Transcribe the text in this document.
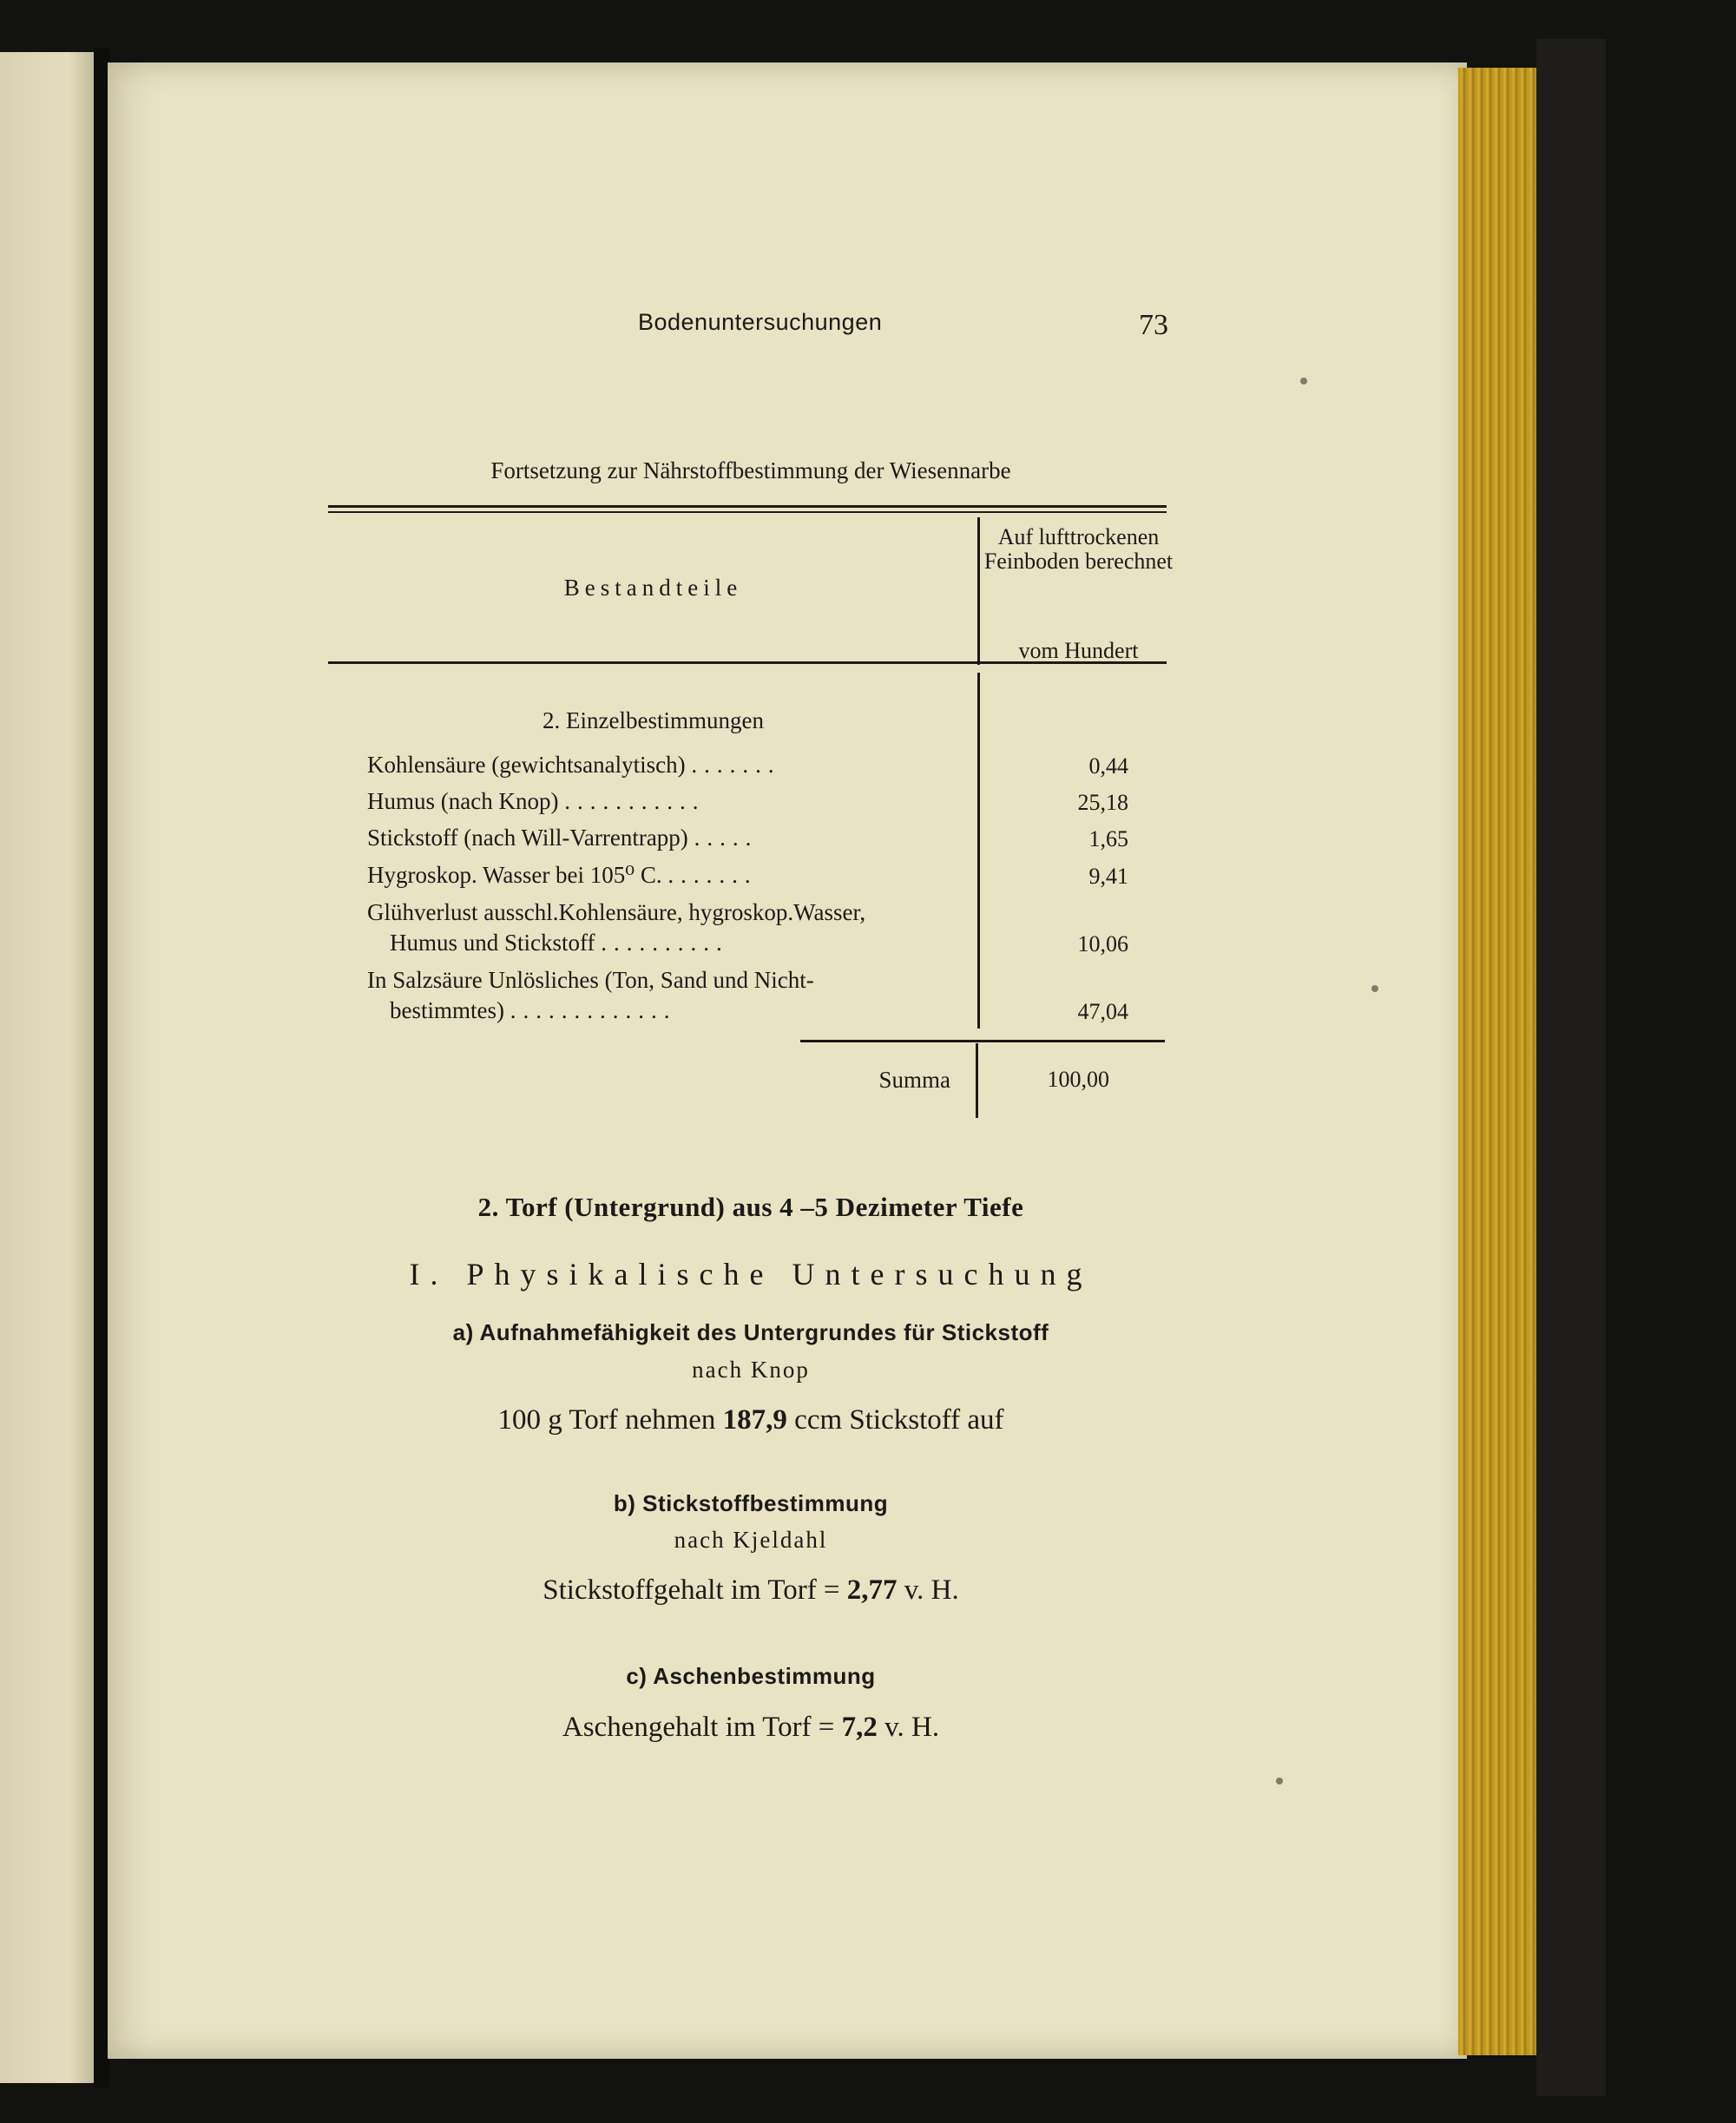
Bodenuntersuchungen	73
Fortsetzung zur Nährstoffbestimmung der Wiesennarbe
Bestandteile
Auf lufttrockenen Feinboden berechnet
vom Hundert
2. Einzelbestimmungen
Kohlensäure (gewichtsanalytisch) .......	0,44
Humus (nach Knop) ...........	25,18
Stickstoff (nach Will-Varrentrapp) .....	1,65
Hygroskop. Wasser bei 105⁰ C. .......	9,41
Glühverlust ausschl.Kohlensäure, hygroskop.Wasser,
Humus und Stickstoff ..........	10,06
In Salzsäure Unlösliches (Ton, Sand und Nicht-
bestimmtes) .............	47,04
Summa	100,00
2. Torf (Untergrund) aus 4 –5 Dezimeter Tiefe
I. Physikalische Untersuchung
a) Aufnahmefähigkeit des Untergrundes für Stickstoff
nach Knop
100 g Torf nehmen 187,9 ccm Stickstoff auf
b) Stickstoffbestimmung
nach Kjeldahl
Stickstoffgehalt im Torf = 2,77 v. H.
c) Aschenbestimmung
Aschengehalt im Torf = 7,2 v. H.
